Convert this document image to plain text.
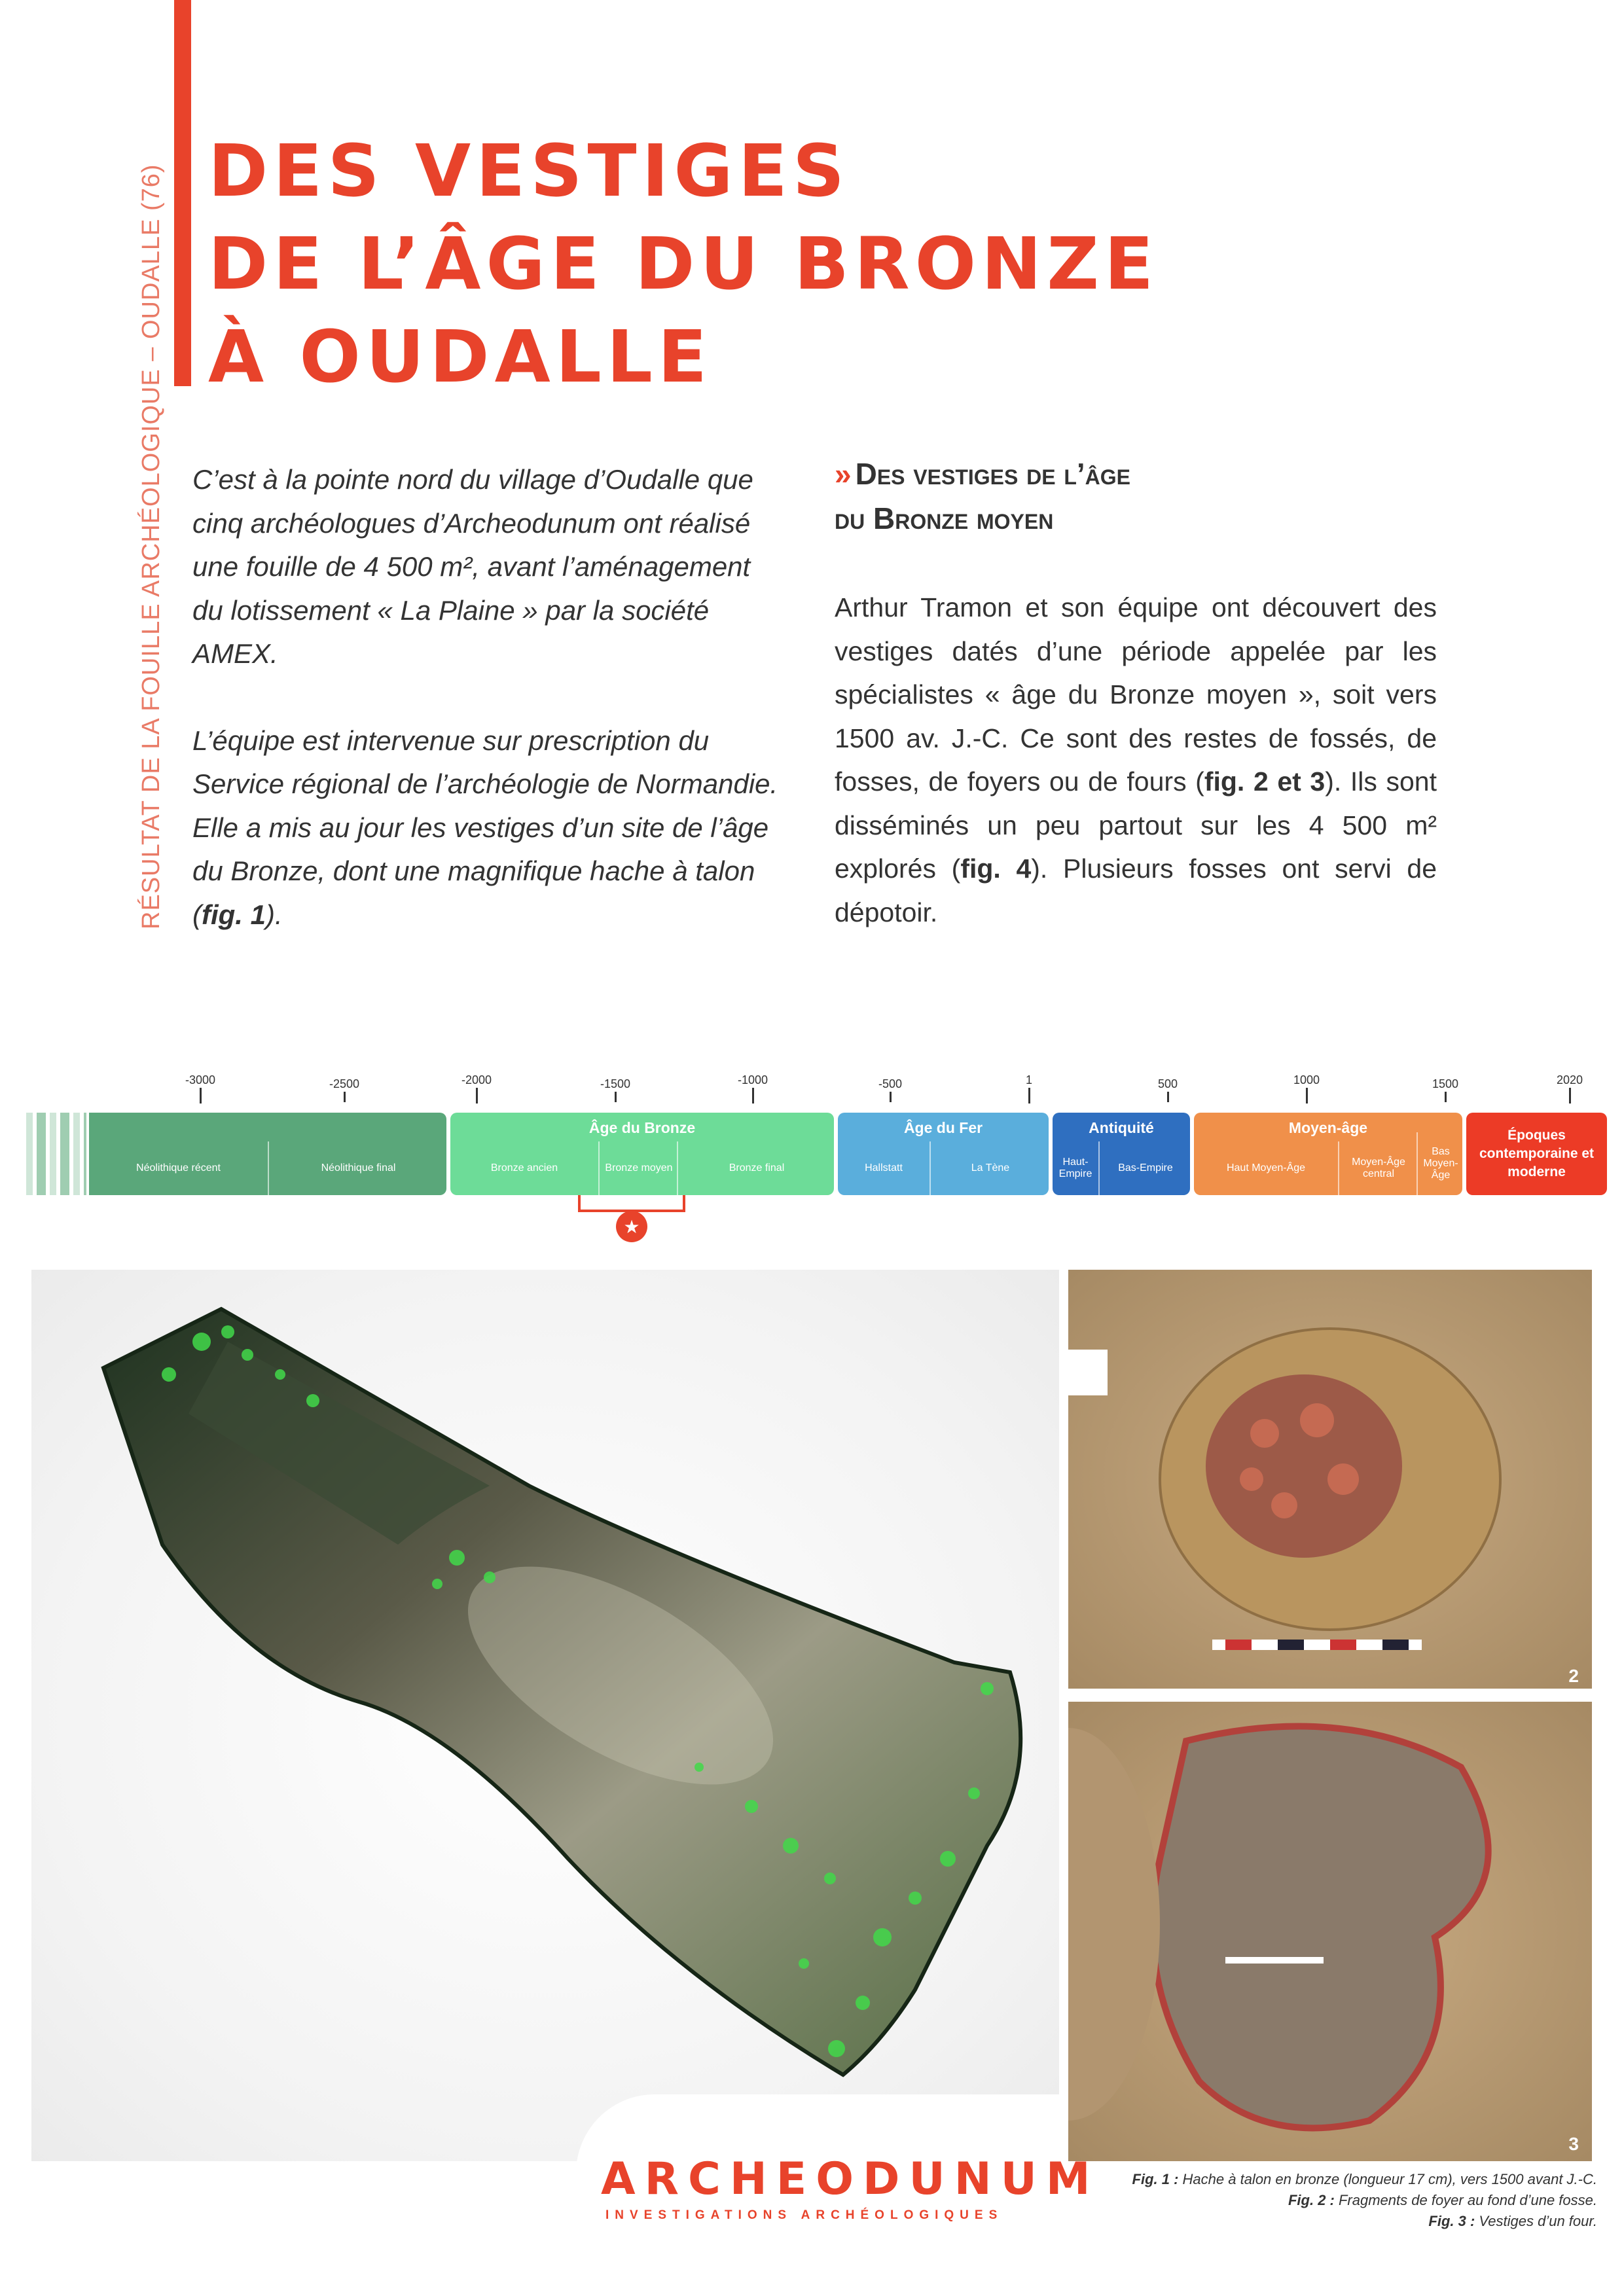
RÉSULTAT DE LA FOUILLE ARCHÉOLOGIQUE – OUDALLE (76) DES VESTIGES
DE L’ÂGE DU BRONZE
À OUDALLE

C’est à la pointe nord du village d’Oudalle que cinq archéologues d’Archeodunum ont réalisé une fouille de 4 500 m², avant l’aménagement du lotissement « La Plaine » par la société AMEX.

L’équipe est intervenue sur prescription du Service régional de l’archéologie de Normandie. Elle a mis au jour les vestiges d’un site de l’âge du Bronze, dont une magnifique hache à talon (fig. 1).

» Des vestiges de l’âge
du Bronze moyen
Arthur Tramon et son équipe ont découvert des vestiges datés d’une période appelée par les spécialistes « âge du Bronze moyen », soit vers 1500 av. J.-C. Ce sont des restes de fossés, de fosses, de foyers ou de fours (fig. 2 et 3). Ils sont disséminés un peu partout sur les 4 500 m² explorés (fig. 4). Plusieurs fosses ont servi de dépotoir.
-3000	-2500	-2000	-1500	-1000	-500	1	500	1000	1500	2020
Néolithique récent	Néolithique final
Âge du Bronze
Bronze ancien	Bronze moyen	Bronze final
★
Âge du Fer
Hallstatt	La Tène
Antiquité
Haut-Empire
Bas-Empire
Moyen-âge
Haut Moyen-Âge
Moyen-Âge central
Bas Moyen-Âge
Époques contemporaine et moderne
2
3
ARCHEODUNUM
INVESTIGATIONS ARCHÉOLOGIQUES
Fig. 1 : Hache à talon en bronze (longueur 17 cm), vers 1500 avant J.-C.
Fig. 2 : Fragments de foyer au fond d’une fosse.
Fig. 3 : Vestiges d’un four.
